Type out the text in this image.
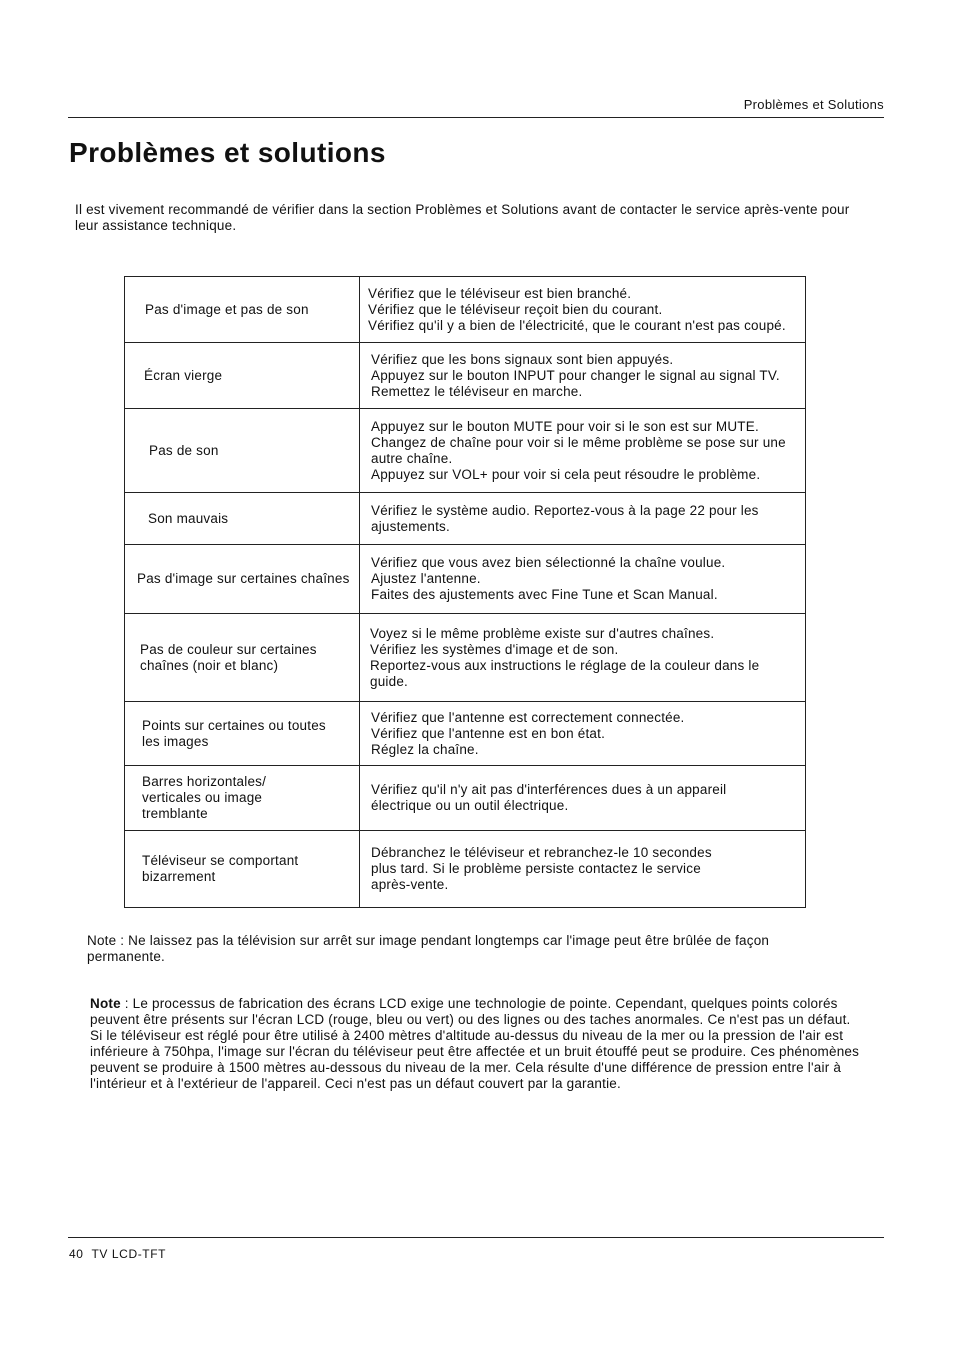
Problèmes et Solutions
Problèmes et solutions

Il est vivement recommandé de vérifier dans la section Problèmes et Solutions avant de contacter le service après-vente pour leur assistance technique.

Pas d'image et pas de son	Vérifiez que le téléviseur est bien branché.
Vérifiez que le téléviseur reçoit bien du courant.
Vérifiez qu'il y a bien de l'électricité, que le courant n'est pas coupé.

Écran vierge	Vérifiez que les bons signaux sont bien appuyés.
Appuyez sur le bouton INPUT pour changer le signal au signal TV.
Remettez le téléviseur en marche.

Pas de son	Appuyez sur le bouton MUTE pour voir si le son est sur MUTE.
Changez de chaîne pour voir si le même problème se pose sur une autre chaîne.
Appuyez sur VOL+ pour voir si cela peut résoudre le problème.

Son mauvais	Vérifiez le système audio. Reportez-vous à la page 22 pour les ajustements.

Pas d'image sur certaines chaînes	Vérifiez que vous avez bien sélectionné la chaîne voulue.
Ajustez l'antenne.
Faites des ajustements avec Fine Tune et Scan Manual.

Pas de couleur sur certaines chaînes (noir et blanc)	Voyez si le même problème existe sur d'autres chaînes.
Vérifiez les systèmes d'image et de son.
Reportez-vous aux instructions le réglage de la couleur dans le guide.

Points sur certaines ou toutes les images	Vérifiez que l'antenne est correctement connectée.
Vérifiez que l'antenne est en bon état.
Réglez la chaîne.

Barres horizontales/ verticales ou image tremblante	Vérifiez qu'il n'y ait pas d'interférences dues à un appareil électrique ou un outil électrique.

Téléviseur se comportant bizarrement	Débranchez le téléviseur et rebranchez-le 10 secondes plus tard. Si le problème persiste contactez le service après-vente.

Note : Ne laissez pas la télévision sur arrêt sur image pendant longtemps car l'image peut être brûlée de façon permanente.

Note : Le processus de fabrication des écrans LCD exige une technologie de pointe. Cependant, quelques points colorés peuvent être présents sur l'écran LCD (rouge, bleu ou vert) ou des lignes ou des taches anormales. Ce n'est pas un défaut.

Si le téléviseur est réglé pour être utilisé à 2400 mètres d'altitude au-dessus du niveau de la mer ou la pression de l'air est inférieure à 750hpa, l'image sur l'écran du téléviseur peut être affectée et un bruit étouffé peut se produire. Ces phénomènes peuvent se produire à 1500 mètres au-dessous du niveau de la mer. Cela résulte d'une différence de pression entre l'air à l'intérieur et à l'extérieur de l'appareil. Ceci n'est pas un défaut couvert par la garantie.

40 TV LCD-TFT
